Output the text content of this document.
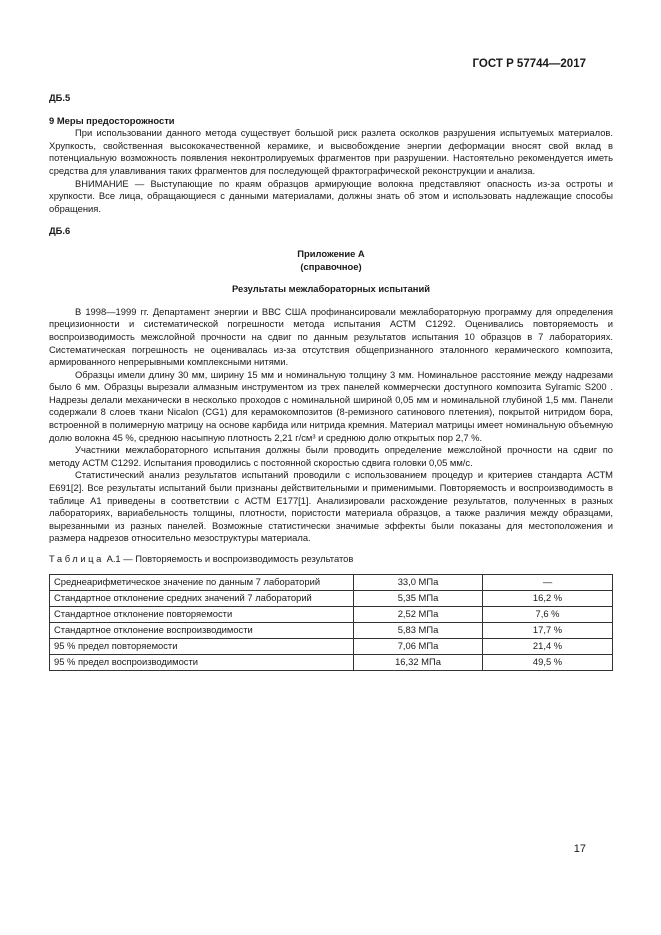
ГОСТ Р 57744—2017

ДБ.5

9 Меры предосторожности

При использовании данного метода существует большой риск разлета осколков разрушения испытуемых материалов. Хрупкость, свойственная высококачественной керамике, и высвобождение энергии деформации вносят свой вклад в потенциальную возможность появления неконтролируемых фрагментов при разрушении. Настоятельно рекомендуется иметь средства для улавливания таких фрагментов для последующей фрактографической реконструкции и анализа.

ВНИМАНИЕ — Выступающие по краям образцов армирующие волокна представляют опасность из-за остроты и хрупкости. Все лица, обращающиеся с данными материалами, должны знать об этом и использовать надлежащие способы обращения.

ДБ.6

Приложение А

(справочное)

Результаты межлабораторных испытаний

В 1998—1999 гг. Департамент энергии и ВВС США профинансировали межлабораторную программу для определения прецизионности и систематической погрешности метода испытания АСТМ С1292. Оценивались повторяемость и воспроизводимость межслойной прочности на сдвиг по данным результатов испытания 10 образцов в 7 лабораториях. Систематическая погрешность не оценивалась из-за отсутствия общепризнанного эталонного керамического композита, армированного непрерывными комплексными нитями.

Образцы имели длину 30 мм, ширину 15 мм и номинальную толщину 3 мм. Номинальное расстояние между надрезами было 6 мм. Образцы вырезали алмазным инструментом из трех панелей коммерчески доступного композита Sylramic S200 . Надрезы делали механически в несколько проходов с номинальной шириной 0,05 мм и номинальной глубиной 1,5 мм. Панели содержали 8 слоев ткани Nicalon (CG1) для керамокомпозитов (8-ремизного сатинового плетения), покрытой нитридом бора, встроенной в полимерную матрицу на основе карбида или нитрида кремния. Материал матрицы имеет номинальную объемную долю волокна 45 %, среднюю насыпную плотность 2,21 г/см³ и среднюю долю открытых пор 2,7 %.

Участники межлабораторного испытания должны были проводить определение межслойной прочности на сдвиг по методу АСТМ С1292. Испытания проводились с постоянной скоростью сдвига головки 0,05 мм/с.

Статистический анализ результатов испытаний проводили с использованием процедур и критериев стандарта АСТМ Е691[2]. Все результаты испытаний были признаны действительными и применимыми. Повторяемость и воспроизводимость в таблице А1 приведены в соответствии с АСТМ Е177[1]. Анализировали расхождение результатов, полученных в разных лабораториях, вариабельность толщины, плотности, пористости материала образцов, а также различия между образцами, вырезанными из разных панелей. Возможные статистически значимые эффекты были показаны для местоположения и размера надрезов относительно мезоструктуры материала.

Таблица А.1 — Повторяемость и воспроизводимость результатов
Среднеарифметическое значение по данным 7 лабораторий	33,0 МПа	—
Стандартное отклонение средних значений 7 лабораторий	5,35 МПа	16,2 %
Стандартное отклонение повторяемости	2,52 МПа	7,6 %
Стандартное отклонение воспроизводимости	5,83 МПа	17,7 %
95 % предел повторяемости	7,06 МПа	21,4 %
95 % предел воспроизводимости	16,32 МПа	49,5 %
17
